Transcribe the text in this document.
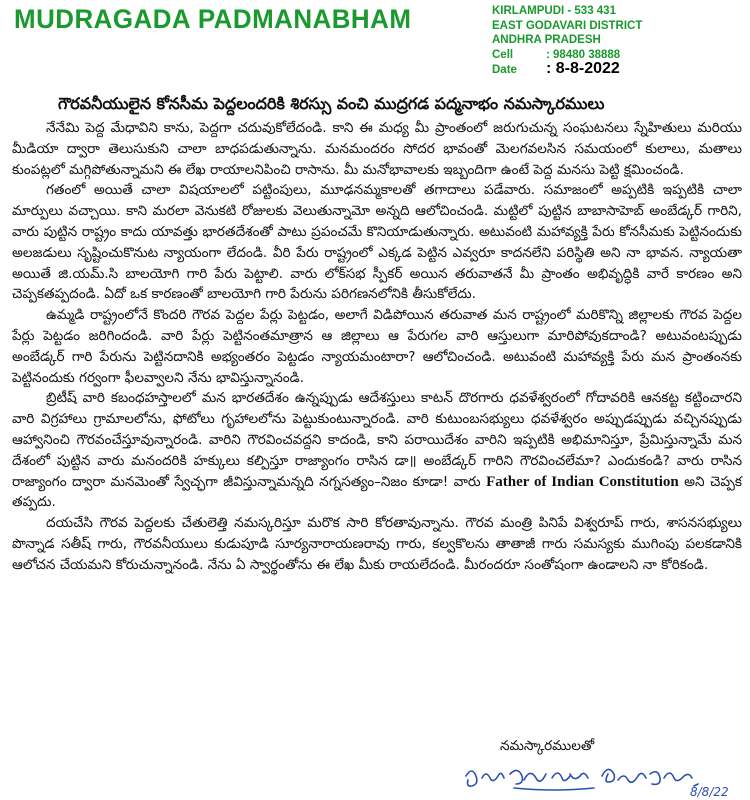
MUDRAGADA PADMANABHAM	KIRLAMPUDI - 533 431
EAST GODAVARI DISTRICT
ANDHRA PRADESH
Cell	: 98480 38888
Date	: 8-8-2022
గౌరవనీయులైన కోనసీమ పెద్దలందరికి శిరస్సు వంచి ముద్రగడ పద్మనాభం నమస్కారములు

నేనేమి పెద్ద మేధావిని కాను, పెద్దగా చదువుకోలేదండి. కాని ఈ మధ్య మీ ప్రాంతంలో జరుగుచున్న సంఘటనలు స్నేహితులు మరియు మీడియా ద్వారా తెలుసుకుని చాలా బాధపడుతున్నాను. మనమందరం సోదర భావంతో మెలగవలసిన సమయంలో కులాలు, మతాలు కుంపట్లలో మగ్గిపోతున్నామని ఈ లేఖ రాయాలనిపించి రాసాను. మీ మనోభావాలకు ఇబ్బందిగా ఉంటే పెద్ద మనసు పెట్టి క్షమించండి.

గతంలో అయితే చాలా విషయాలలో పట్టింపులు, మూఢనమ్మకాలతో తగాదాలు పడేవారు. సమాజంలో అప్పటికి ఇప్పటికి చాలా మార్పులు వచ్చాయి. కాని మరలా వెనుకటి రోజులకు వెలుతున్నామో అన్నది ఆలోచించండి. మట్టిలో పుట్టిన బాబాసాహెబ్ అంబేడ్కర్ గారిని, వారు పుట్టిన రాష్ట్రం కాదు యావత్తు భారతదేశంతో పాటు ప్రపంచమే కొనియాడుతున్నారు. అటువంటి మహావ్యక్తి పేరు కోనసీమకు పెట్టినందుకు అలజడులు సృష్టించుకొనుట న్యాయంగా లేదండి. వీరి పేరు రాష్ట్రంలో ఎక్కడ పెట్టిన ఎవ్వరూ కాదనలేని పరిస్థితి అని నా భావన. న్యాయతా అయితే జి.యమ్.సి బాలయోగి గారి పేరు పెట్టాలి. వారు లోక్‌సభ స్పీకర్ అయిన తరువాతనే మీ ప్రాంతం అభివృద్ధికి వారే కారణం అని చెప్పకతప్పదండి. ఏదో ఒక కారణంతో బాలయోగి గారి పేరును పరిగణనలోనికి తీసుకోలేదు.

ఉమ్మడి రాష్ట్రంలోనే కొందరి గౌరవ పెద్దల పేర్లు పెట్టడం, అలాగే విడిపోయిన తరువాత మన రాష్ట్రంలో మరికొన్ని జిల్లాలకు గౌరవ పెద్దల పేర్లు పెట్టడం జరిగిందండి. వారి పేర్లు పెట్టినంతమాత్రాన ఆ జిల్లాలు ఆ పేరుగల వారి ఆస్తులుగా మారిపోవుకదాండి? అటువంటప్పుడు అంబేడ్కర్ గారి పేరును పెట్టినదానికి అభ్యంతరం పెట్టడం న్యాయమంటారా? ఆలోచించండి. అటువంటి మహావ్యక్తి పేరు మన ప్రాంతంనకు పెట్టినందుకు గర్వంగా ఫీలవ్వాలని నేను భావిస్తున్నానండి.

బ్రిటీష్ వారి కబంధహస్తాలలో మన భారతదేశం ఉన్నప్పుడు ఆదేశస్తులు కాటన్ దొరగారు ధవళేశ్వరంలో గోదావరికి ఆనకట్ట కట్టించారని వారి విగ్రహాలు గ్రామాలలోను, ఫోటోలు గృహాలలోను పెట్టుకుంటున్నారండి. వారి కుటుంబసభ్యులు ధవళేశ్వరం అప్పుడప్పుడు వచ్చినప్పుడు ఆహ్వానించి గౌరవంచేస్తూవున్నారండి. వారిని గౌరవించవద్దని కాదండి, కాని పరాయిదేశం వారిని ఇప్పటికి అభిమానిస్తూ, ప్రేమిస్తున్నామే మన దేశంలో పుట్టిన వారు మనందరికి హక్కులు కల్పిస్తూ రాజ్యాంగం రాసిన డా॥ అంబేడ్కర్ గారిని గౌరవించలేమా? ఎందుకండి? వారు రాసిన రాజ్యాంగం ద్వారా మనమెంతో స్వేచ్ఛగా జీవిస్తున్నామన్నది నగ్నసత్యం–నిజం కూడా! వారు Father of Indian Constitution అని చెప్పక తప్పదు.

దయచేసి గౌరవ పెద్దలకు చేతులెత్తి నమస్కరిస్తూ మరొక సారి కోరతావున్నాను. గౌరవ మంత్రి పినిపే విశ్వరూప్ గారు, శాసనసభ్యులు పొన్నాడ సతీష్ గారు, గౌరవనీయులు కుడుపూడి సూర్యనారాయణరావు గారు, కల్వకొలను తాతాజీ గారు సమస్యకు ముగింపు పలకడానికి ఆలోచన చేయమని కోరుచున్నానండి. నేను ఏ స్వార్థంతోను ఈ లేఖ మీకు రాయలేదండి. మీరందరూ సంతోషంగా ఉండాలని నా కోరికండి.

నమస్కారములతో
ముద్రగడ పద్మనాభం
8/8/22
